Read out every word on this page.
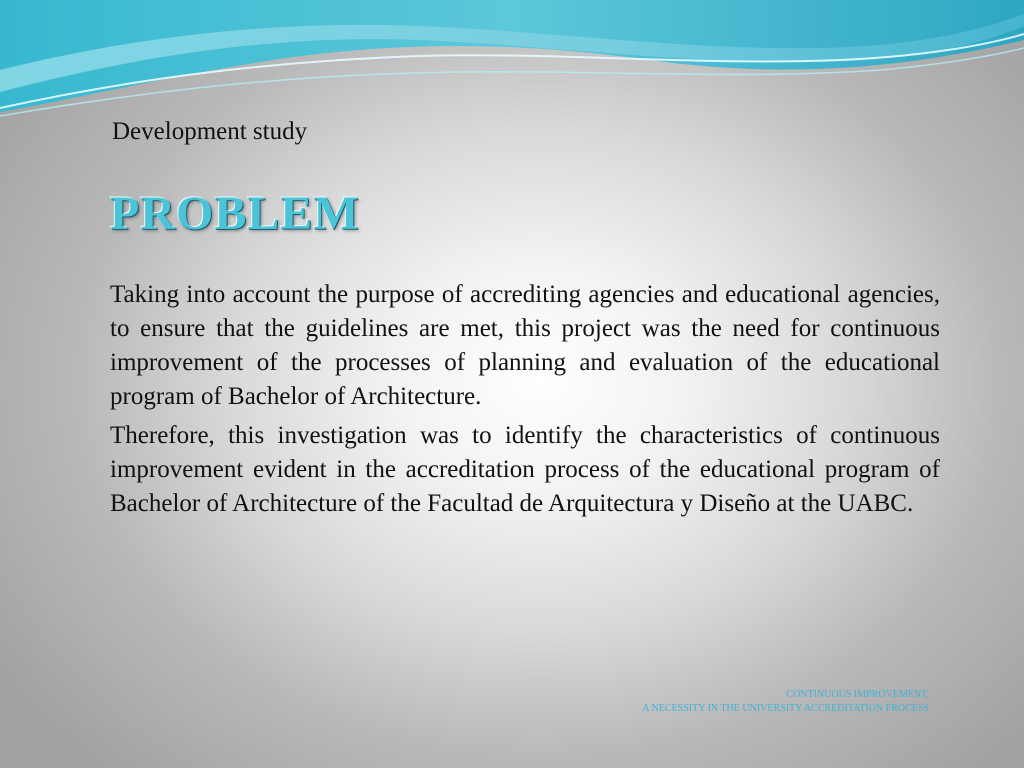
Development study
PROBLEM

Taking into account the purpose of accrediting agencies and educational agencies, to ensure that the guidelines are met, this project was the need for continuous improvement of the processes of planning and evaluation of the educational program of Bachelor of Architecture.

Therefore, this investigation was to identify the characteristics of continuous improvement evident in the accreditation process of the educational program of Bachelor of Architecture of the Facultad de Arquitectura y Diseño at the UABC.

CONTINUOUS IMPROVEMENT,
A NECESSITY IN THE UNIVERSITY ACCREDITATION PROCESS
